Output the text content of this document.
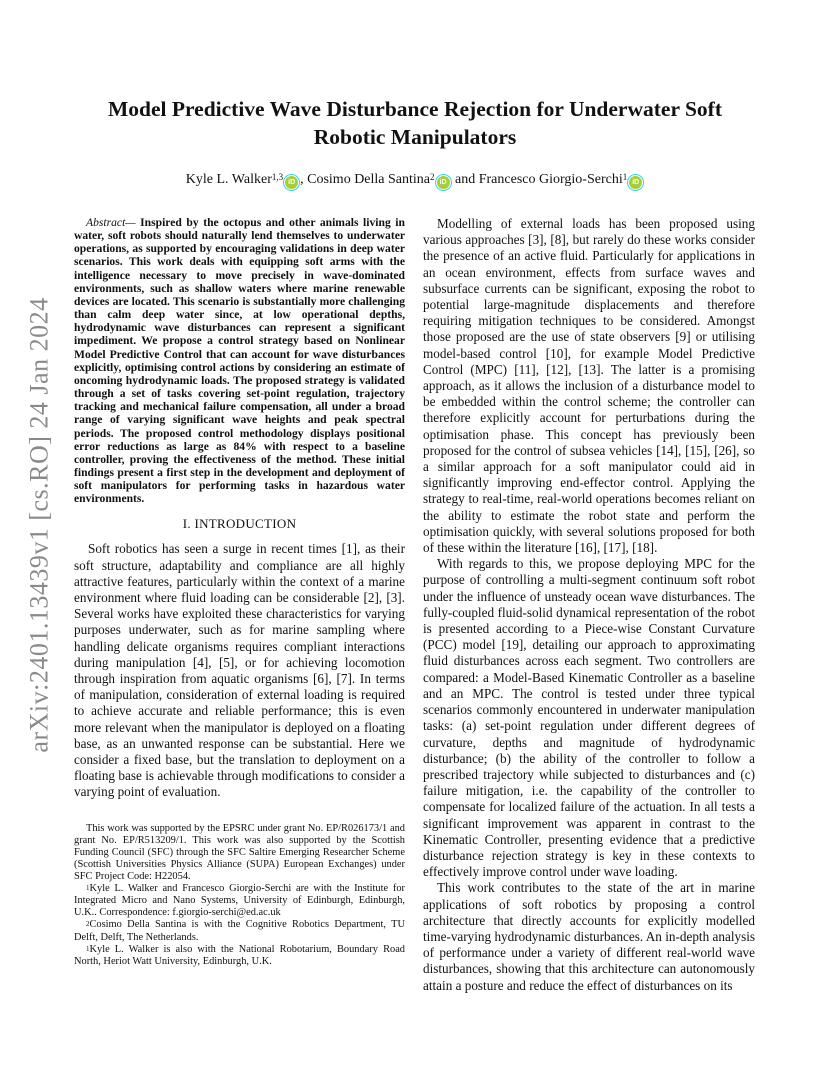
arXiv:2401.13439v1 [cs.RO] 24 Jan 2024
Model Predictive Wave Disturbance Rejection for Underwater Soft Robotic Manipulators
Kyle L. Walker$^{1,3}$iD , Cosimo Della Santina$^2$iD and Francesco Giorgio-Serchi$^1$iD

Abstract— Inspired by the octopus and other animals living in water, soft robots should naturally lend themselves to underwater operations, as supported by encouraging validations in deep water scenarios. This work deals with equipping soft arms with the intelligence necessary to move precisely in wave-dominated environments, such as shallow waters where marine renewable devices are located. This scenario is substantially more challenging than calm deep water since, at low operational depths, hydrodynamic wave disturbances can represent a significant impediment. We propose a control strategy based on Nonlinear Model Predictive Control that can account for wave disturbances explicitly, optimising control actions by considering an estimate of oncoming hydrodynamic loads. The proposed strategy is validated through a set of tasks covering set-point regulation, trajectory tracking and mechanical failure compensation, all under a broad range of varying significant wave heights and peak spectral periods. The proposed control methodology displays positional error reductions as large as 84% with respect to a baseline controller, proving the effectiveness of the method. These initial findings present a first step in the development and deployment of soft manipulators for performing tasks in hazardous water environments.

I. INTRODUCTION

Soft robotics has seen a surge in recent times [1], as their soft structure, adaptability and compliance are all highly attractive features, particularly within the context of a marine environment where fluid loading can be considerable [2], [3]. Several works have exploited these characteristics for varying purposes underwater, such as for marine sampling where handling delicate organisms requires compliant interactions during manipulation [4], [5], or for achieving locomotion through inspiration from aquatic organisms [6], [7]. In terms of manipulation, consideration of external loading is required to achieve accurate and reliable performance; this is even more relevant when the manipulator is deployed on a floating base, as an unwanted response can be substantial. Here we consider a fixed base, but the translation to deployment on a floating base is achievable through modifications to consider a varying point of evaluation.

This work was supported by the EPSRC under grant No. EP/R026173/1 and grant No. EP/R513209/1. This work was also supported by the Scottish Funding Council (SFC) through the SFC Saltire Emerging Researcher Scheme (Scottish Universities Physics Alliance (SUPA) European Exchanges) under SFC Project Code: H22054.

$^1$Kyle L. Walker and Francesco Giorgio-Serchi are with the Institute for Integrated Micro and Nano Systems, University of Edinburgh, Edinburgh, U.K.. Correspondence: f.giorgio-serchi@ed.ac.uk

$^2$Cosimo Della Santina is with the Cognitive Robotics Department, TU Delft, Delft, The Netherlands.

$^1$Kyle L. Walker is also with the National Robotarium, Boundary Road North, Heriot Watt University, Edinburgh, U.K.

Modelling of external loads has been proposed using various approaches [3], [8], but rarely do these works consider the presence of an active fluid. Particularly for applications in an ocean environment, effects from surface waves and subsurface currents can be significant, exposing the robot to potential large-magnitude displacements and therefore requiring mitigation techniques to be considered. Amongst those proposed are the use of state observers [9] or utilising model-based control [10], for example Model Predictive Control (MPC) [11], [12], [13]. The latter is a promising approach, as it allows the inclusion of a disturbance model to be embedded within the control scheme; the controller can therefore explicitly account for perturbations during the optimisation phase. This concept has previously been proposed for the control of subsea vehicles [14], [15], [26], so a similar approach for a soft manipulator could aid in significantly improving end-effector control. Applying the strategy to real-time, real-world operations becomes reliant on the ability to estimate the robot state and perform the optimisation quickly, with several solutions proposed for both of these within the literature [16], [17], [18].

With regards to this, we propose deploying MPC for the purpose of controlling a multi-segment continuum soft robot under the influence of unsteady ocean wave disturbances. The fully-coupled fluid-solid dynamical representation of the robot is presented according to a Piece-wise Constant Curvature (PCC) model [19], detailing our approach to approximating fluid disturbances across each segment. Two controllers are compared: a Model-Based Kinematic Controller as a baseline and an MPC. The control is tested under three typical scenarios commonly encountered in underwater manipulation tasks: (a) set-point regulation under different degrees of curvature, depths and magnitude of hydrodynamic disturbance; (b) the ability of the controller to follow a prescribed trajectory while subjected to disturbances and (c) failure mitigation, i.e. the capability of the controller to compensate for localized failure of the actuation. In all tests a significant improvement was apparent in contrast to the Kinematic Controller, presenting evidence that a predictive disturbance rejection strategy is key in these contexts to effectively improve control under wave loading.

This work contributes to the state of the art in marine applications of soft robotics by proposing a control architecture that directly accounts for explicitly modelled time-varying hydrodynamic disturbances. An in-depth analysis of performance under a variety of different real-world wave disturbances, showing that this architecture can autonomously attain a posture and reduce the effect of disturbances on its
